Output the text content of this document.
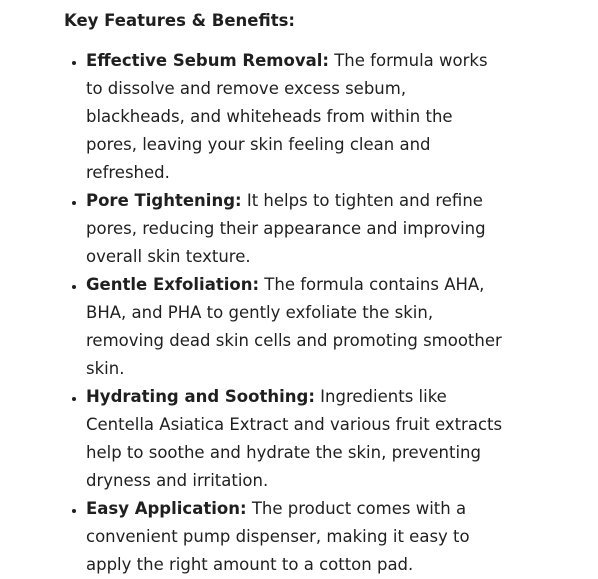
Key Features & Benefits:
• Effective Sebum Removal: The formula works to dissolve and remove excess sebum, blackheads, and whiteheads from within the pores, leaving your skin feeling clean and refreshed.
• Pore Tightening: It helps to tighten and refine pores, reducing their appearance and improving overall skin texture.
• Gentle Exfoliation: The formula contains AHA, BHA, and PHA to gently exfoliate the skin, removing dead skin cells and promoting smoother skin.
• Hydrating and Soothing: Ingredients like Centella Asiatica Extract and various fruit extracts help to soothe and hydrate the skin, preventing dryness and irritation.
• Easy Application: The product comes with a convenient pump dispenser, making it easy to apply the right amount to a cotton pad.
